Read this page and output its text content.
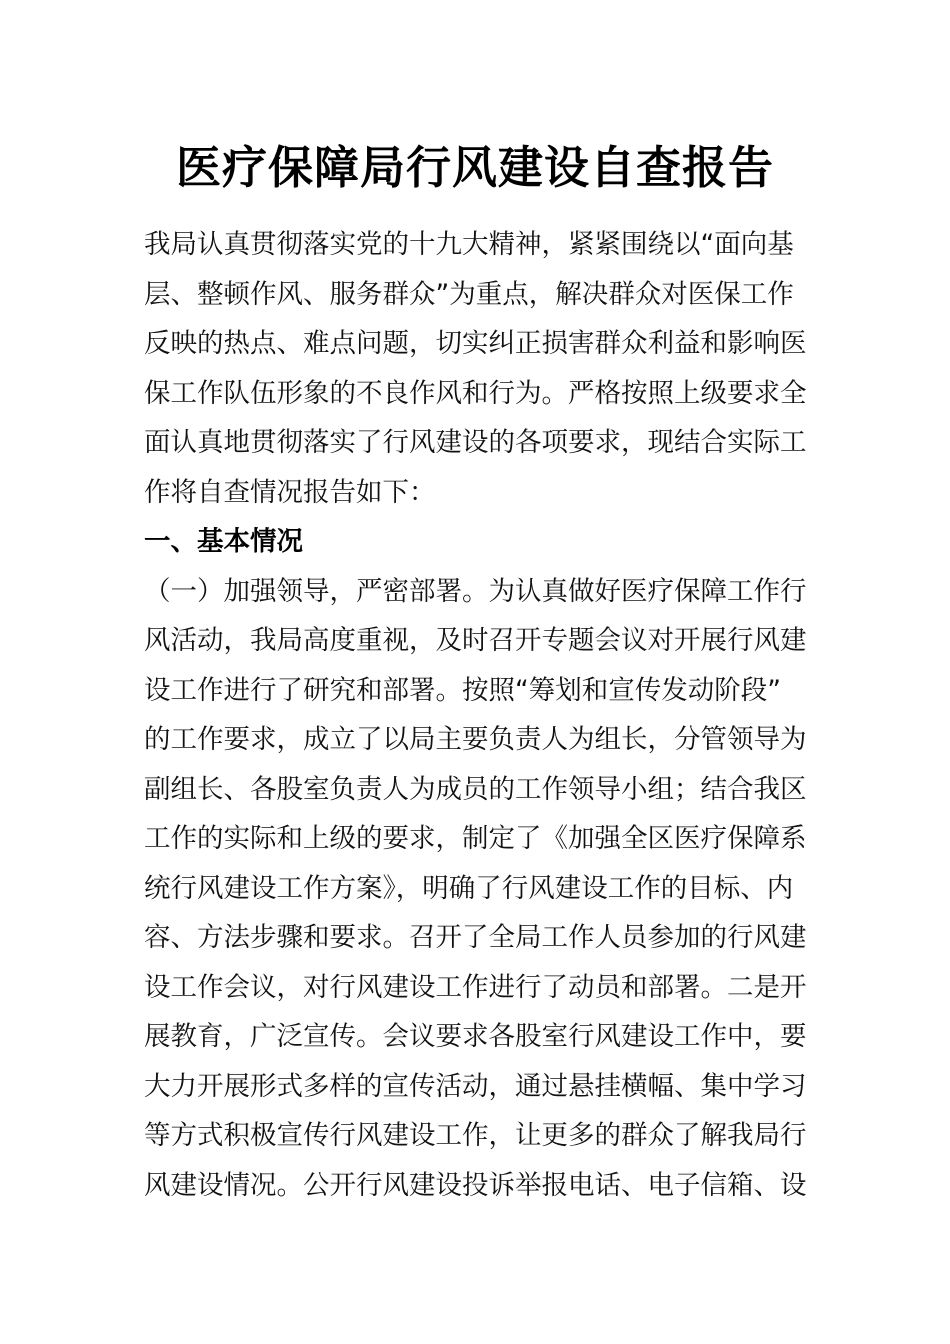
医疗保障局行风建设自查报告
我局认真贯彻落实党的十九大精神，紧紧围绕以“面向基
层、整顿作风、服务群众”为重点，解决群众对医保工作
反映的热点、难点问题，切实纠正损害群众利益和影响医
保工作队伍形象的不良作风和行为。严格按照上级要求全
面认真地贯彻落实了行风建设的各项要求，现结合实际工
作将自查情况报告如下：
一、基本情况
（一）加强领导，严密部署。为认真做好医疗保障工作行
风活动，我局高度重视，及时召开专题会议对开展行风建
设工作进行了研究和部署。按照“筹划和宣传发动阶段”
的工作要求，成立了以局主要负责人为组长，分管领导为
副组长、各股室负责人为成员的工作领导小组；结合我区
工作的实际和上级的要求，制定了《加强全区医疗保障系
统行风建设工作方案》，明确了行风建设工作的目标、内
容、方法步骤和要求。召开了全局工作人员参加的行风建
设工作会议，对行风建设工作进行了动员和部署。二是开
展教育，广泛宣传。会议要求各股室行风建设工作中，要
大力开展形式多样的宣传活动，通过悬挂横幅、集中学习
等方式积极宣传行风建设工作，让更多的群众了解我局行
风建设情况。公开行风建设投诉举报电话、电子信箱、设
